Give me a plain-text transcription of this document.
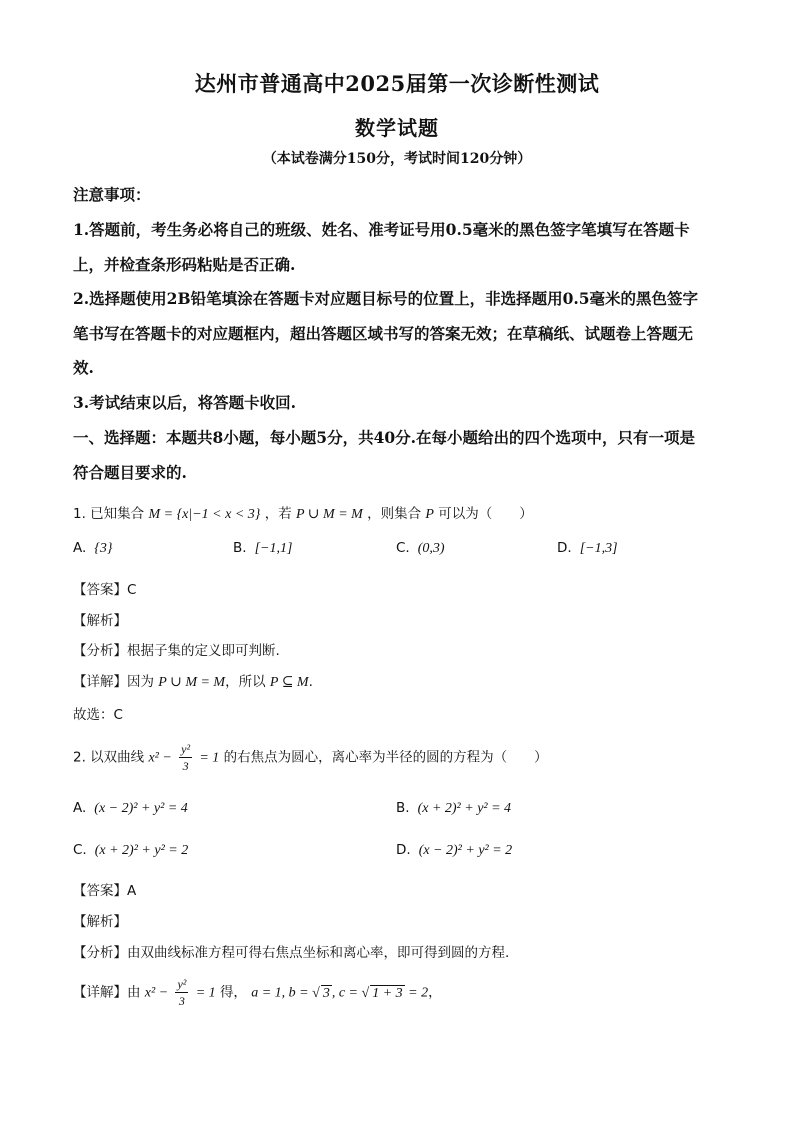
达州市普通高中2025届第一次诊断性测试
数学试题
（本试卷满分150分，考试时间120分钟）
注意事项：
1.答题前，考生务必将自己的班级、姓名、准考证号用0.5毫米的黑色签字笔填写在答题卡
上，并检查条形码粘贴是否正确.
2.选择题使用2B铅笔填涂在答题卡对应题目标号的位置上，非选择题用0.5毫米的黑色签字
笔书写在答题卡的对应题框内，超出答题区域书写的答案无效；在草稿纸、试题卷上答题无
效.
3.考试结束以后，将答题卡收回.
一、选择题：本题共8小题，每小题5分，共40分.在每小题给出的四个选项中，只有一项是
符合题目要求的.
1. 已知集合 M = {x|−1 < x < 3} ，若 P ∪ M = M ，则集合 P 可以为（　　）
A. {3}	B. [−1,1]	C. (0,3)	D. [−1,3]
【答案】C
【解析】
【分析】根据子集的定义即可判断.
【详解】因为 P ∪ M = M，所以 P ⊆ M.
故选：C
2. 以双曲线 $x^2 - \frac{\text{y²}}{3} = 1$ 的右焦点为圆心，离心率为半径的圆的方程为（　　）
A. (x − 2)² + y² = 4	B. (x + 2)² + y² = 4
C. (x + 2)² + y² = 2	D. (x − 2)² + y² = 2
【答案】A
【解析】
【分析】由双曲线标准方程可得右焦点坐标和离心率，即可得到圆的方程.
【详解】由 $x^2 - \frac{\text{y²}}{3} = 1$ 得， a = 1, b = √ 3 , c = √ 1 + 3 = 2，
